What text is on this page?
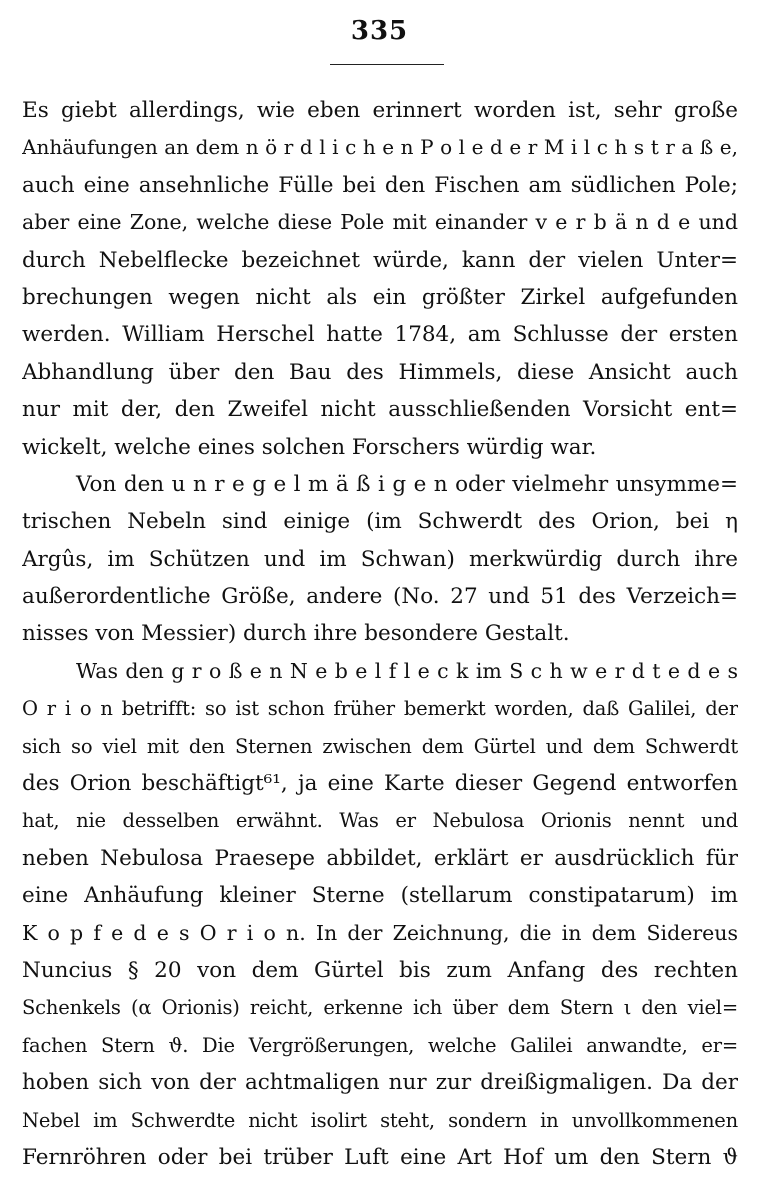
335
Es giebt allerdings, wie eben erinnert worden ist, sehr große
Anhäufungen an dem n ö r d l i c h e n P o l e d e r M i l c h s t r a ß e,
auch eine ansehnliche Fülle bei den Fischen am südlichen Pole;
aber eine Zone, welche diese Pole mit einander v e r b ä n d e und
durch Nebelflecke bezeichnet würde, kann der vielen Unter=
brechungen wegen nicht als ein größter Zirkel aufgefunden
werden. William Herschel hatte 1784, am Schlusse der ersten
Abhandlung über den Bau des Himmels, diese Ansicht auch
nur mit der, den Zweifel nicht ausschließenden Vorsicht ent=
wickelt, welche eines solchen Forschers würdig war.
Von den u n r e g e l m ä ß i g e n oder vielmehr unsymme=
trischen Nebeln sind einige (im Schwerdt des Orion, bei η
Argûs, im Schützen und im Schwan) merkwürdig durch ihre
außerordentliche Größe, andere (No. 27 und 51 des Verzeich=
nisses von Messier) durch ihre besondere Gestalt.
Was den g r o ß e n N e b e l f l e c k im S c h w e r d t e d e s
O r i o n betrifft: so ist schon früher bemerkt worden, daß Galilei, der
sich so viel mit den Sternen zwischen dem Gürtel und dem Schwerdt
des Orion beschäftigt⁶¹, ja eine Karte dieser Gegend entworfen
hat, nie desselben erwähnt. Was er Nebulosa Orionis nennt und
neben Nebulosa Praesepe abbildet, erklärt er ausdrücklich für
eine Anhäufung kleiner Sterne (stellarum constipatarum) im
K o p f e d e s O r i o n. In der Zeichnung, die in dem Sidereus
Nuncius § 20 von dem Gürtel bis zum Anfang des rechten
Schenkels (α Orionis) reicht, erkenne ich über dem Stern ι den viel=
fachen Stern ϑ. Die Vergrößerungen, welche Galilei anwandte, er=
hoben sich von der achtmaligen nur zur dreißigmaligen. Da der
Nebel im Schwerdte nicht isolirt steht, sondern in unvollkommenen
Fernröhren oder bei trüber Luft eine Art Hof um den Stern ϑ
